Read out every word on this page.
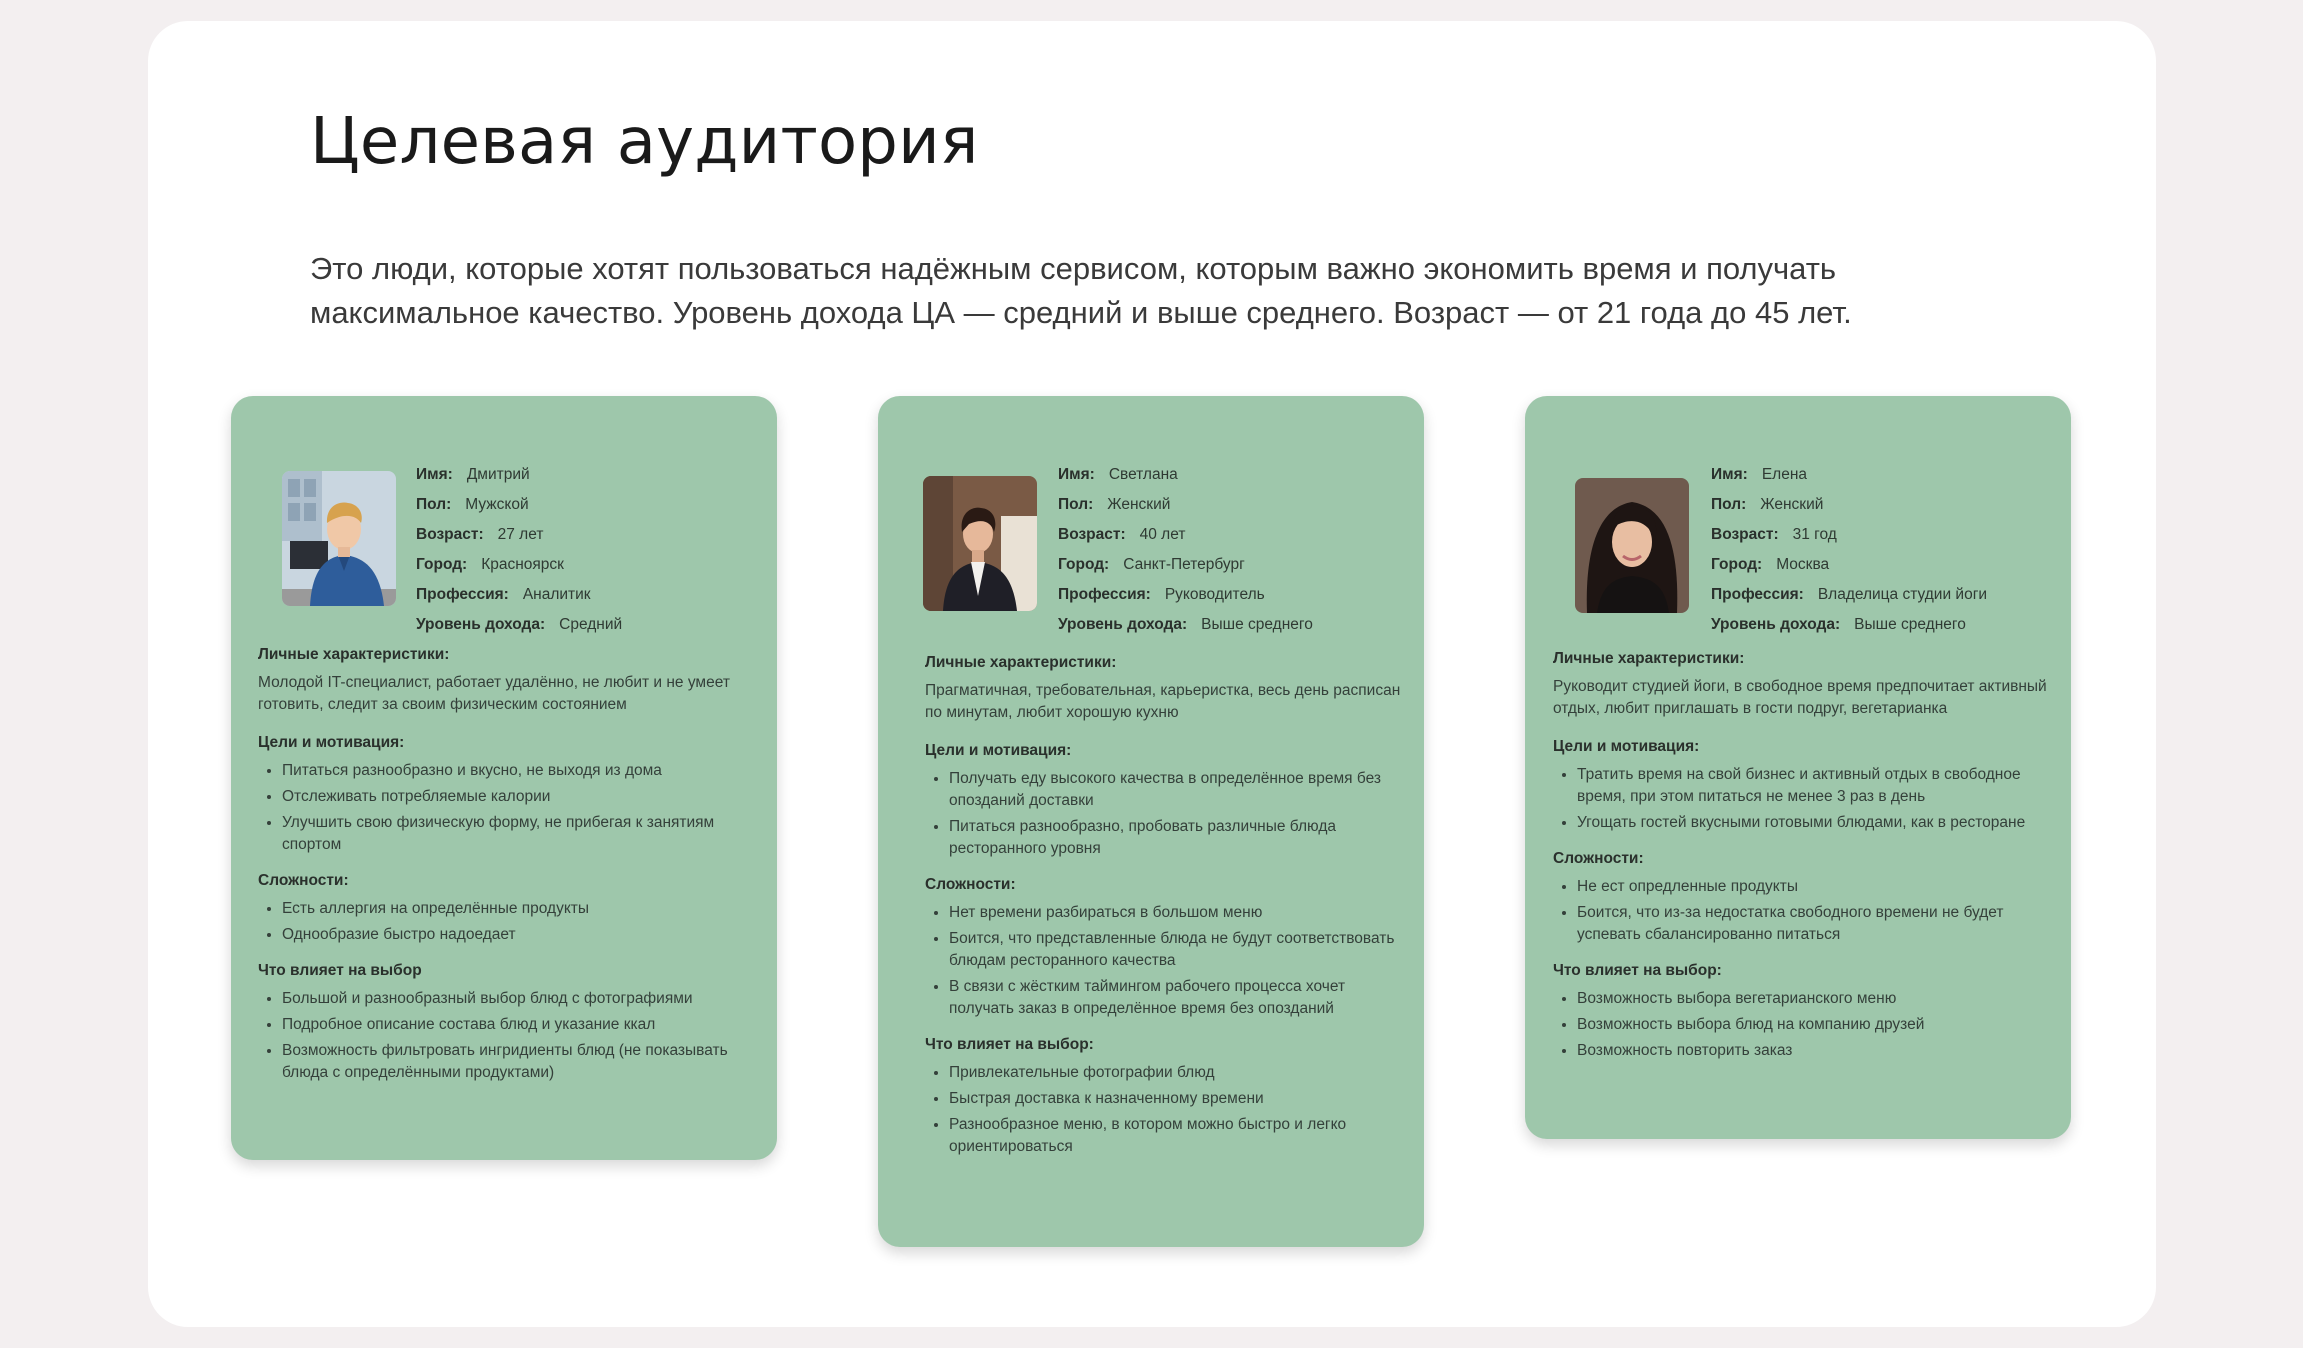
Целевая аудитория

Это люди, которые хотят пользоваться надёжным сервисом, которым важно экономить время и получать максимальное качество. Уровень дохода ЦА — средний и выше среднего. Возраст — от 21 года до 45 лет.

Имя: Дмитрий
Пол: Мужской
Возраст: 27 лет
Город: Красноярск
Профессия: Аналитик
Уровень дохода: Средний

Личные характеристики:

Молодой IT-специалист, работает удалённо, не любит и не умеет готовить, следит за своим физическим состоянием

Цели и мотивация:

• Питаться разнообразно и вкусно, не выходя из дома
• Отслеживать потребляемые калории
• Улучшить свою физическую форму, не прибегая к занятиям спортом

Сложности:

• Есть аллергия на определённые продукты
• Однообразие быстро надоедает

Что влияет на выбор

• Большой и разнообразный выбор блюд с фотографиями
• Подробное описание состава блюд и указание ккал
• Возможность фильтровать ингридиенты блюд (не показывать блюда с определёнными продуктами)
Имя: Светлана
Пол: Женский
Возраст: 40 лет
Город: Санкт-Петербург
Профессия: Руководитель
Уровень дохода: Выше среднего

Личные характеристики:

Прагматичная, требовательная, карьеристка, весь день расписан по минутам, любит хорошую кухню

Цели и мотивация:

• Получать еду высокого качества в определённое время без опозданий доставки
• Питаться разнообразно, пробовать различные блюда ресторанного уровня

Сложности:

• Нет времени разбираться в большом меню
• Боится, что представленные блюда не будут соответствовать блюдам ресторанного качества
• В связи с жёстким таймингом рабочего процесса хочет получать заказ в определённое время без опозданий

Что влияет на выбор:

• Привлекательные фотографии блюд
• Быстрая доставка к назначенному времени
• Разнообразное меню, в котором можно быстро и легко ориентироваться
Имя: Елена
Пол: Женский
Возраст: 31 год
Город: Москва
Профессия: Владелица студии йоги
Уровень дохода: Выше среднего

Личные характеристики:

Руководит студией йоги, в свободное время предпочитает активный отдых, любит приглашать в гости подруг, вегетарианка

Цели и мотивация:

• Тратить время на свой бизнес и активный отдых в свободное время, при этом питаться не менее 3 раз в день
• Угощать гостей вкусными готовыми блюдами, как в ресторане

Сложности:

• Не ест опредленные продукты
• Боится, что из-за недостатка свободного времени не будет успевать сбалансированно питаться

Что влияет на выбор:

• Возможность выбора вегетарианского меню
• Возможность выбора блюд на компанию друзей
• Возможность повторить заказ
